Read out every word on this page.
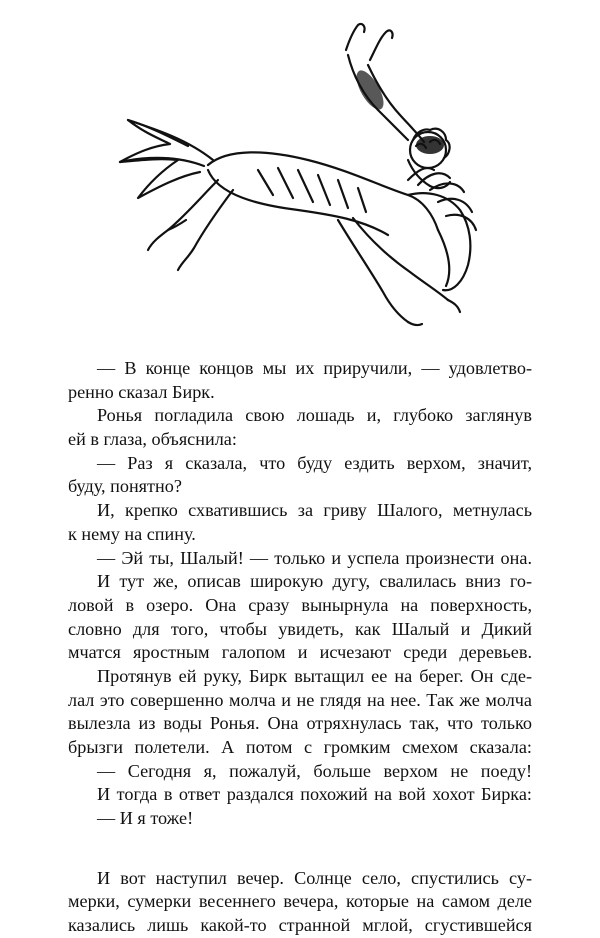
— В конце концов мы их приручили, — удовлетво-
ренно сказал Бирк.
Ронья погладила свою лошадь и, глубоко заглянув
ей в глаза, объяснила:
— Раз я сказала, что буду ездить верхом, значит,
буду, понятно?
И, крепко схватившись за гриву Шалого, метнулась
к нему на спину.
— Эй ты, Шалый! — только и успела произнести она.
И тут же, описав широкую дугу, свалилась вниз го-
ловой в озеро. Она сразу вынырнула на поверхность,
словно для того, чтобы увидеть, как Шалый и Дикий
мчатся яростным галопом и исчезают среди деревьев.
Протянув ей руку, Бирк вытащил ее на берег. Он сде-
лал это совершенно молча и не глядя на нее. Так же молча
вылезла из воды Ронья. Она отряхнулась так, что только
брызги полетели. А потом с громким смехом сказала:
— Сегодня я, пожалуй, больше верхом не поеду!
И тогда в ответ раздался похожий на вой хохот Бирка:
— И я тоже!
И вот наступил вечер. Солнце село, спустились су-
мерки, сумерки весеннего вечера, которые на самом деле
казались лишь какой-то странной мглой, сгустившейся
